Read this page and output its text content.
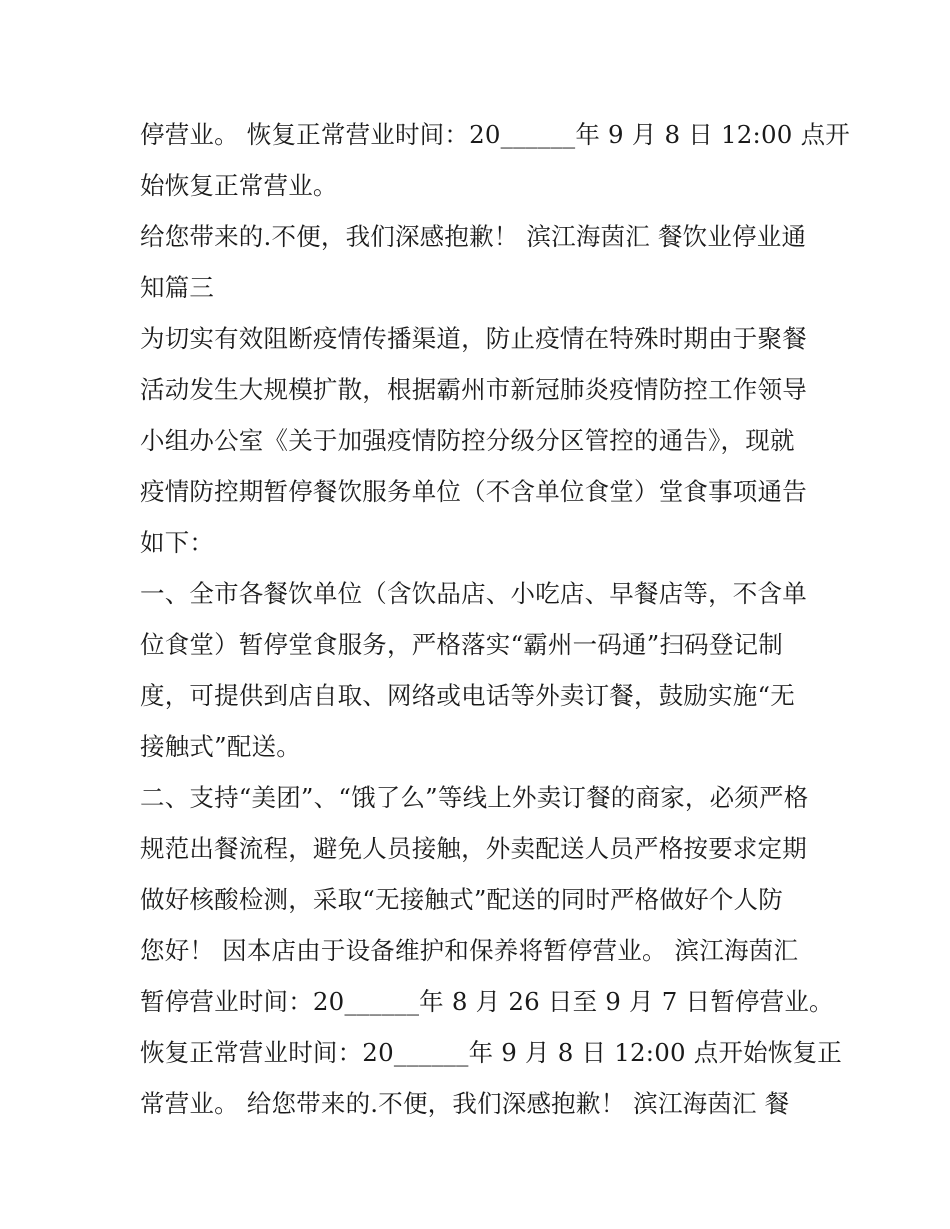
停营业。 恢复正常营业时间：20______年 9 月 8 日 12:00 点开
始恢复正常营业。
给您带来的.不便，我们深感抱歉！ 滨江海茵汇 餐饮业停业通
知篇三
为切实有效阻断疫情传播渠道，防止疫情在特殊时期由于聚餐
活动发生大规模扩散，根据霸州市新冠肺炎疫情防控工作领导
小组办公室《关于加强疫情防控分级分区管控的通告》，现就
疫情防控期暂停餐饮服务单位（不含单位食堂）堂食事项通告
如下：
一、全市各餐饮单位（含饮品店、小吃店、早餐店等，不含单
位食堂）暂停堂食服务，严格落实“霸州一码通”扫码登记制
度，可提供到店自取、网络或电话等外卖订餐，鼓励实施“无
接触式”配送。
二、支持“美团”、“饿了么”等线上外卖订餐的商家，必须严格
规范出餐流程，避免人员接触，外卖配送人员严格按要求定期
做好核酸检测，采取“无接触式”配送的同时严格做好个人防
您好！ 因本店由于设备维护和保养将暂停营业。 滨江海茵汇
暂停营业时间：20______年 8 月 26 日至 9 月 7 日暂停营业。
恢复正常营业时间：20______年 9 月 8 日 12:00 点开始恢复正
常营业。 给您带来的.不便，我们深感抱歉！ 滨江海茵汇 餐
